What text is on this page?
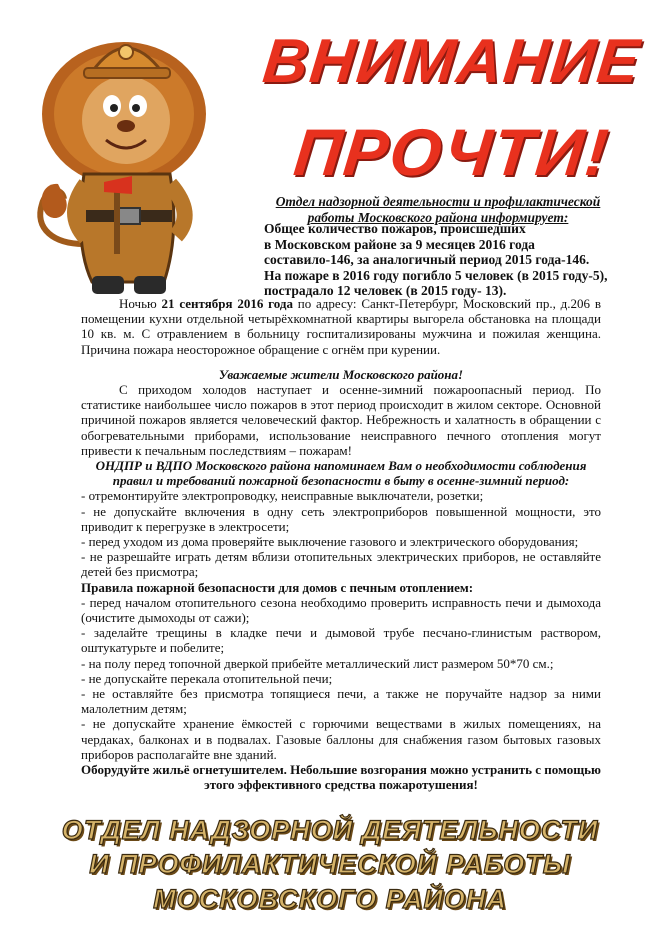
ВНИМАНИЕ
ПРОЧТИ!
Отдел надзорной деятельности и профилактической работы Московского района информирует:

Общее количество пожаров, происшедших

в Московском районе за 9 месяцев 2016 года

составило-146, за аналогичный период 2015 года-146.

На пожаре в 2016 году погибло 5 человек (в 2015 году-5), пострадало 12 человек (в 2015 году- 13).

Ночью 21 сентября 2016 года по адресу: Санкт-Петербург, Московский пр., д.206 в помещении кухни отдельной четырёхкомнатной квартиры выгорела обстановка на площади 10 кв. м. С отравлением в больницу госпитализированы мужчина и пожилая женщина. Причина пожара неосторожное обращение с огнём при курении.

Уважаемые жители Московского района!

С приходом холодов наступает и осенне-зимний пожароопасный период. По статистике наибольшее число пожаров в этот период происходит в жилом секторе. Основной причиной пожаров является человеческий фактор. Небрежность и халатность в обращении с обогревательными приборами, использование неисправного печного отопления могут привести к печальным последствиям – пожарам!

ОНДПР и ВДПО Московского района напоминаем Вам о необходимости соблюдения правил и требований пожарной безопасности в быту в осенне-зимний период:

- отремонтируйте электропроводку, неисправные выключатели, розетки;

- не допускайте включения в одну сеть электроприборов повышенной мощности, это приводит к перегрузке в электросети;

- перед уходом из дома проверяйте выключение газового и электрического оборудования;

- не разрешайте играть детям вблизи отопительных электрических приборов, не оставляйте детей без присмотра;

Правила пожарной безопасности для домов с печным отоплением:

- перед началом отопительного сезона необходимо проверить исправность печи и дымохода (очистите дымоходы от сажи);

- заделайте трещины в кладке печи и дымовой трубе песчано-глинистым раствором, оштукатурьте и побелите;

- на полу перед топочной дверкой прибейте металлический лист размером 50*70 см.;

- не допускайте перекала отопительной печи;

- не оставляйте без присмотра топящиеся печи, а также не поручайте надзор за ними малолетним детям;

- не допускайте хранение ёмкостей с горючими веществами в жилых помещениях, на чердаках, балконах и в подвалах. Газовые баллоны для снабжения газом бытовых газовых приборов располагайте вне зданий.

Оборудуйте жильё огнетушителем. Небольшие возгорания можно устранить с помощью этого эффективного средства пожаротушения!

ОТДЕЛ НАДЗОРНОЙ ДЕЯТЕЛЬНОСТИ
И ПРОФИЛАКТИЧЕСКОЙ РАБОТЫ
МОСКОВСКОГО РАЙОНА
